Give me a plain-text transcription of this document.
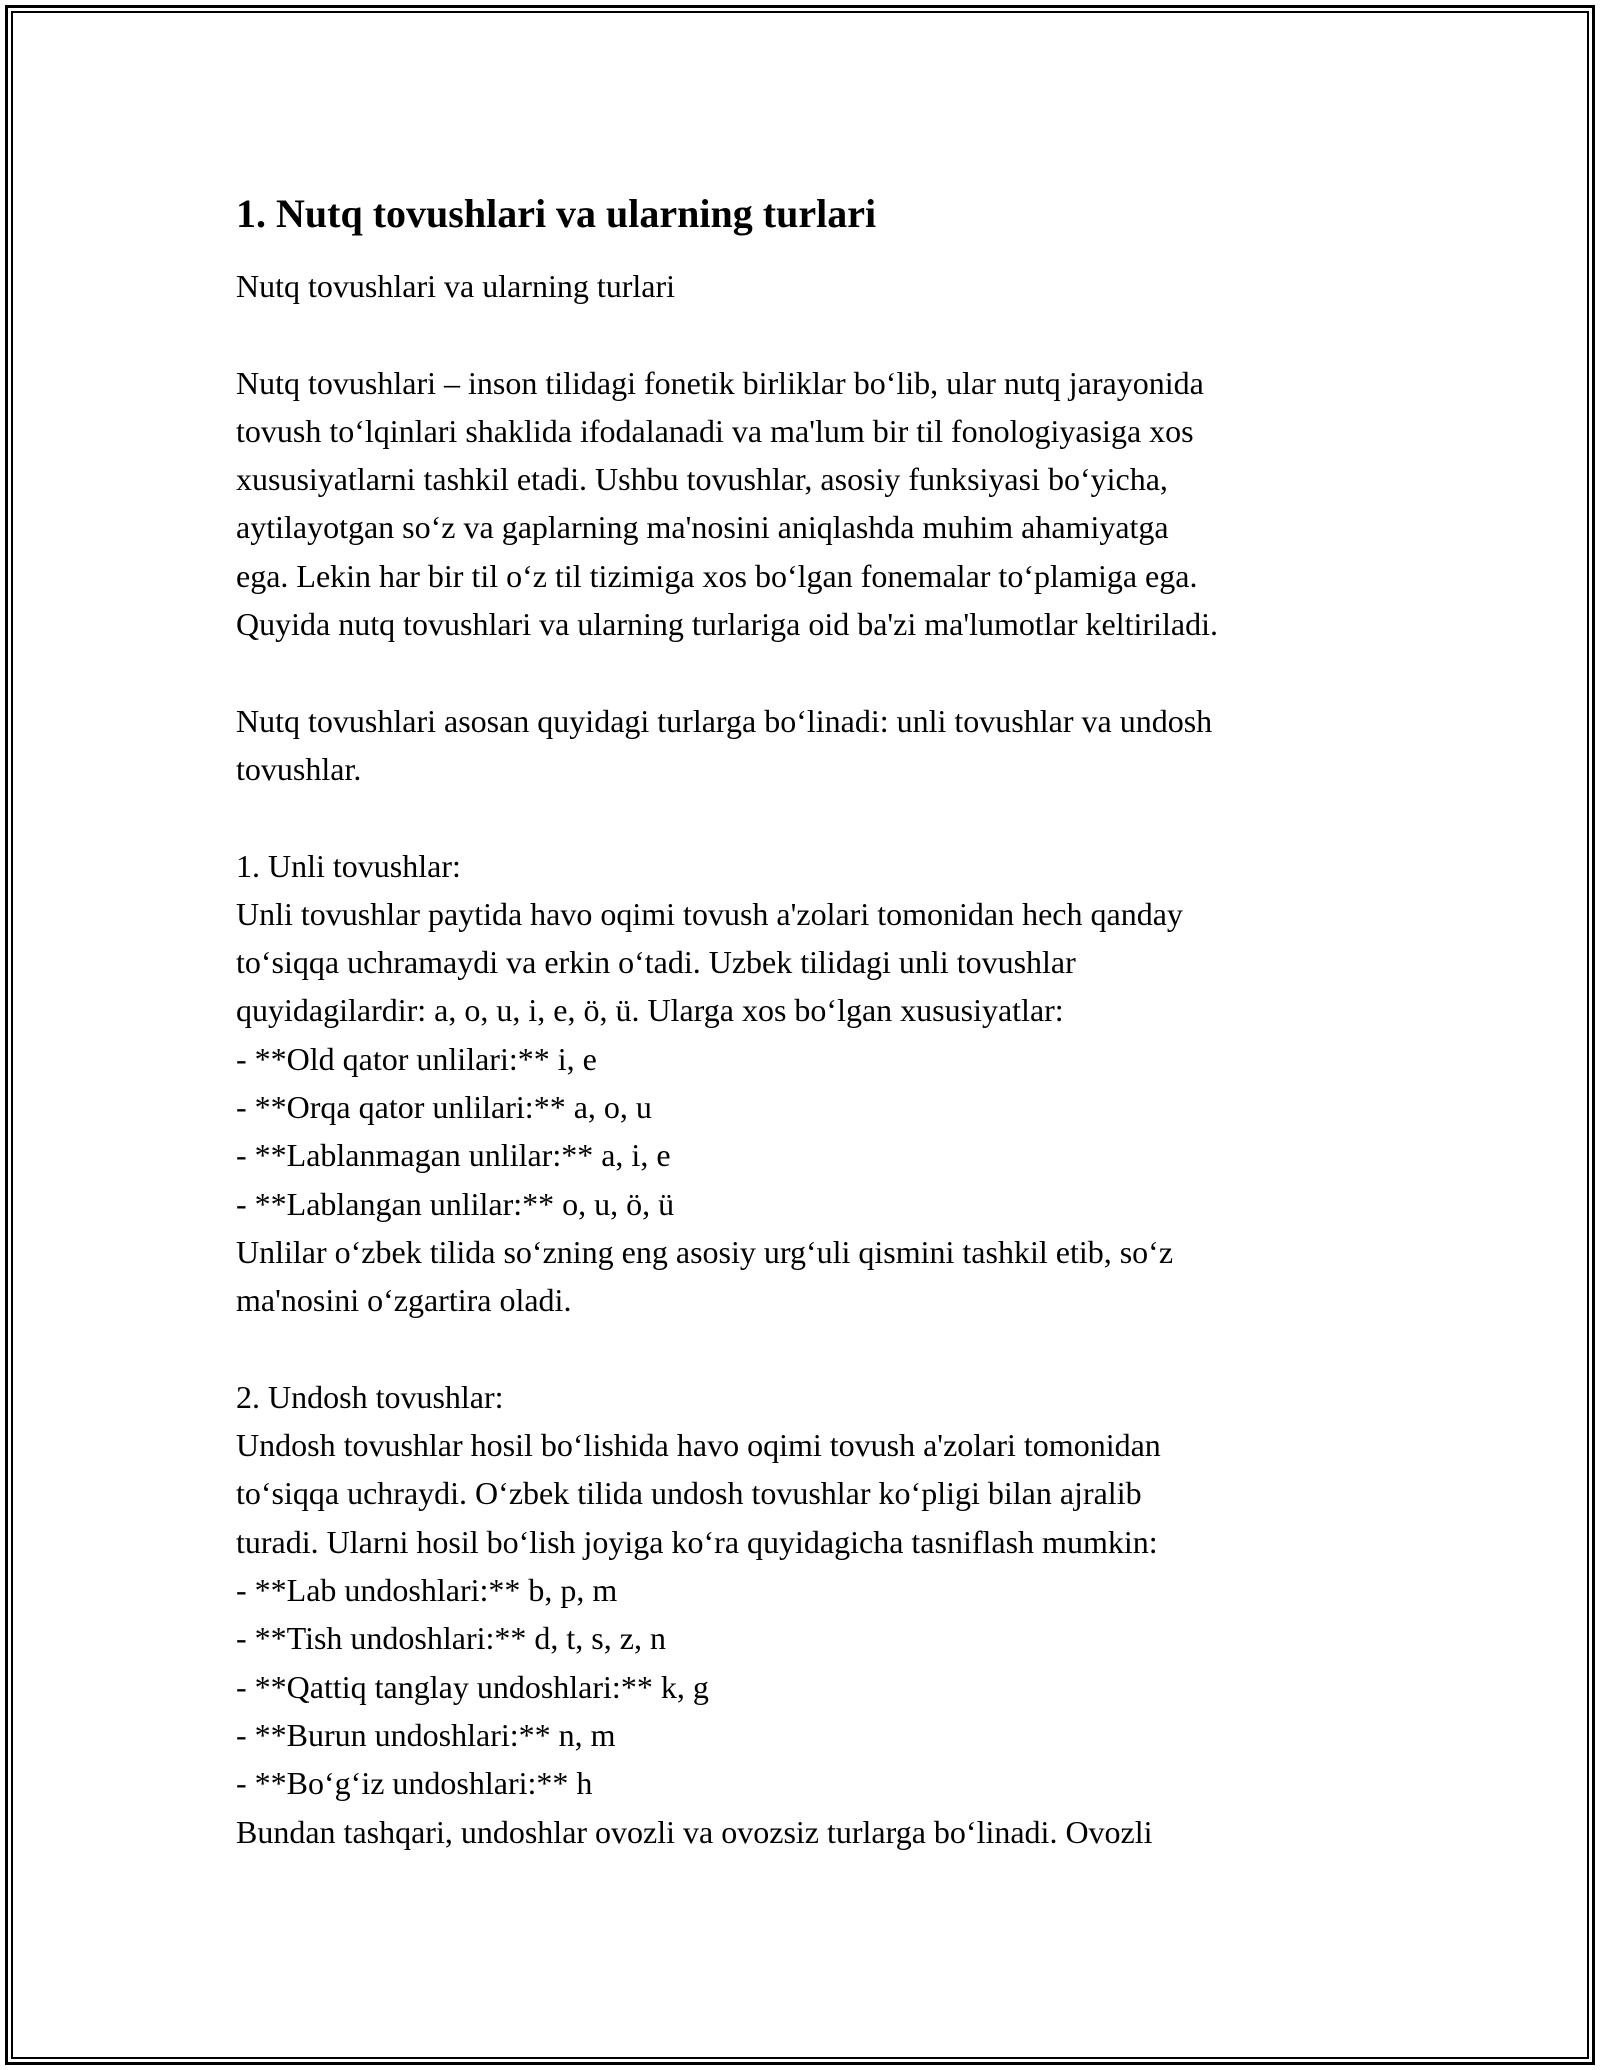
1. Nutq tovushlari va ularning turlari
Nutq tovushlari va ularning turlari
Nutq tovushlari – inson tilidagi fonetik birliklar bo‘lib, ular nutq jarayonida
tovush to‘lqinlari shaklida ifodalanadi va ma'lum bir til fonologiyasiga xos
xususiyatlarni tashkil etadi. Ushbu tovushlar, asosiy funksiyasi bo‘yicha,
aytilayotgan so‘z va gaplarning ma'nosini aniqlashda muhim ahamiyatga
ega. Lekin har bir til o‘z til tizimiga xos bo‘lgan fonemalar to‘plamiga ega.
Quyida nutq tovushlari va ularning turlariga oid ba'zi ma'lumotlar keltiriladi.
Nutq tovushlari asosan quyidagi turlarga bo‘linadi: unli tovushlar va undosh
tovushlar.
1. Unli tovushlar:
Unli tovushlar paytida havo oqimi tovush a'zolari tomonidan hech qanday
to‘siqqa uchramaydi va erkin o‘tadi. Uzbek tilidagi unli tovushlar
quyidagilardir: a, o, u, i, e, ö, ü. Ularga xos bo‘lgan xususiyatlar:
- **Old qator unlilari:** i, e
- **Orqa qator unlilari:** a, o, u
- **Lablanmagan unlilar:** a, i, e
- **Lablangan unlilar:** o, u, ö, ü
Unlilar o‘zbek tilida so‘zning eng asosiy urg‘uli qismini tashkil etib, so‘z
ma'nosini o‘zgartira oladi.
2. Undosh tovushlar:
Undosh tovushlar hosil bo‘lishida havo oqimi tovush a'zolari tomonidan
to‘siqqa uchraydi. O‘zbek tilida undosh tovushlar ko‘pligi bilan ajralib
turadi. Ularni hosil bo‘lish joyiga ko‘ra quyidagicha tasniflash mumkin:
- **Lab undoshlari:** b, p, m
- **Tish undoshlari:** d, t, s, z, n
- **Qattiq tanglay undoshlari:** k, g
- **Burun undoshlari:** n, m
- **Bo‘g‘iz undoshlari:** h
Bundan tashqari, undoshlar ovozli va ovozsiz turlarga bo‘linadi. Ovozli
